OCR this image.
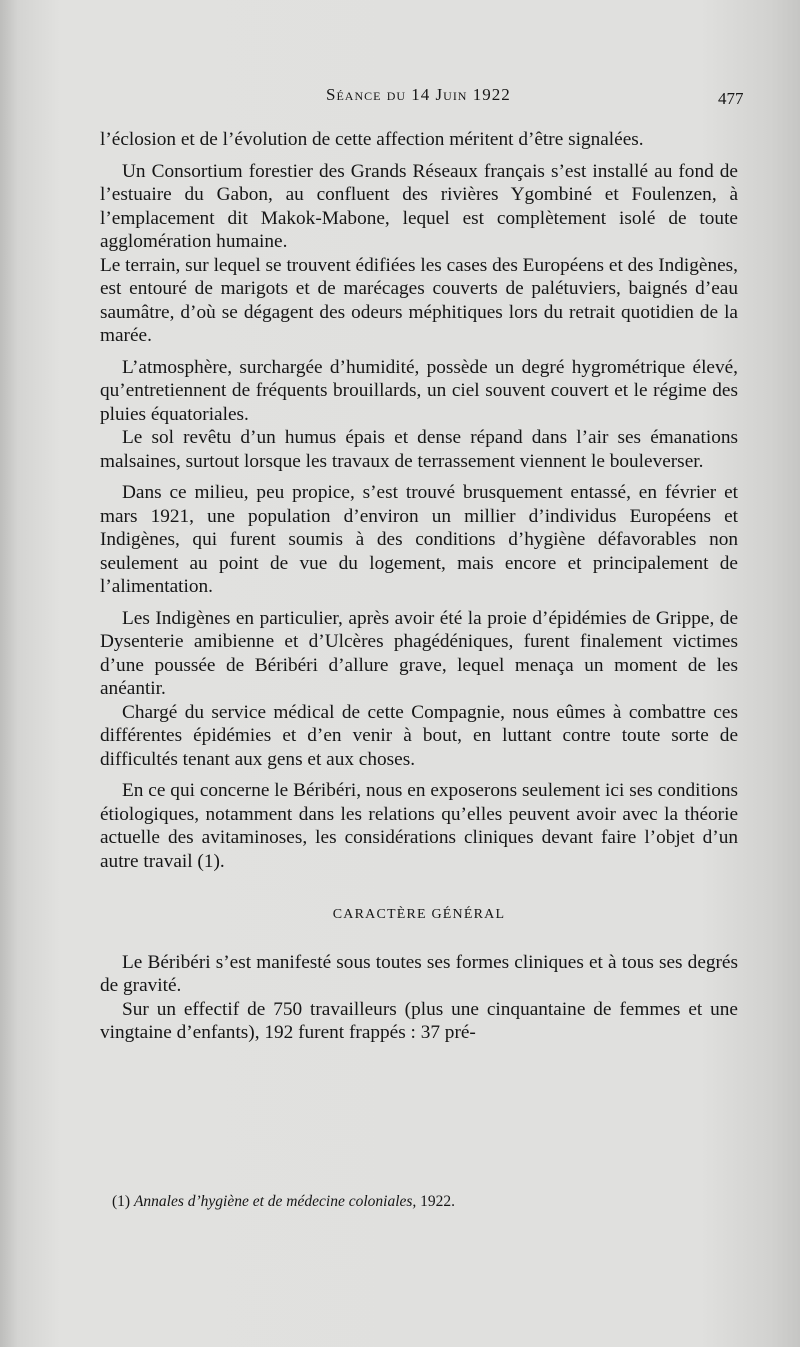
Séance du 14 Juin 1922	477

l’éclosion et de l’évolution de cette affection méritent d’être signalées.

Un Consortium forestier des Grands Réseaux français s’est installé au fond de l’estuaire du Gabon, au confluent des rivières Ygombiné et Foulenzen, à l’emplacement dit Makok-Mabone, lequel est complètement isolé de toute agglomération humaine.

Le terrain, sur lequel se trouvent édifiées les cases des Européens et des Indigènes, est entouré de marigots et de marécages couverts de palétuviers, baignés d’eau saumâtre, d’où se dégagent des odeurs méphitiques lors du retrait quotidien de la marée.

L’atmosphère, surchargée d’humidité, possède un degré hygrométrique élevé, qu’entretiennent de fréquents brouillards, un ciel souvent couvert et le régime des pluies équatoriales.

Le sol revêtu d’un humus épais et dense répand dans l’air ses émanations malsaines, surtout lorsque les travaux de terrassement viennent le bouleverser.

Dans ce milieu, peu propice, s’est trouvé brusquement entassé, en février et mars 1921, une population d’environ un millier d’individus Européens et Indigènes, qui furent soumis à des conditions d’hygiène défavorables non seulement au point de vue du logement, mais encore et principalement de l’alimentation.

Les Indigènes en particulier, après avoir été la proie d’épidémies de Grippe, de Dysenterie amibienne et d’Ulcères phagédéniques, furent finalement victimes d’une poussée de Béribéri d’allure grave, lequel menaça un moment de les anéantir.

Chargé du service médical de cette Compagnie, nous eûmes à combattre ces différentes épidémies et d’en venir à bout, en luttant contre toute sorte de difficultés tenant aux gens et aux choses.

En ce qui concerne le Béribéri, nous en exposerons seulement ici ses conditions étiologiques, notamment dans les relations qu’elles peuvent avoir avec la théorie actuelle des avitaminoses, les considérations cliniques devant faire l’objet d’un autre travail (1).

CARACTÈRE GÉNÉRAL

Le Béribéri s’est manifesté sous toutes ses formes cliniques et à tous ses degrés de gravité.

Sur un effectif de 750 travailleurs (plus une cinquantaine de femmes et une vingtaine d’enfants), 192 furent frappés : 37 pré-

(1) Annales d’hygiène et de médecine coloniales, 1922.
